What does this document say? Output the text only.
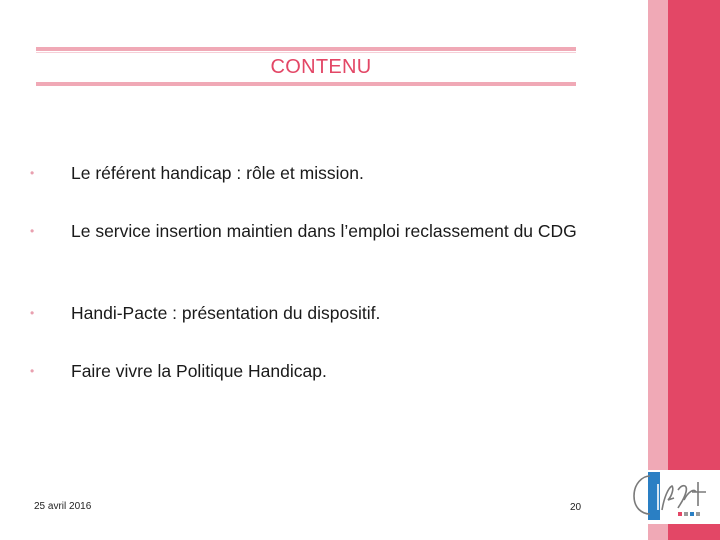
CONTENU
•	Le référent handicap : rôle et mission.
•	Le service insertion maintien dans l’emploi reclassement du CDG
•	Handi-Pacte : présentation du dispositif.
•	Faire vivre la Politique Handicap.
25 avril 2016	20
